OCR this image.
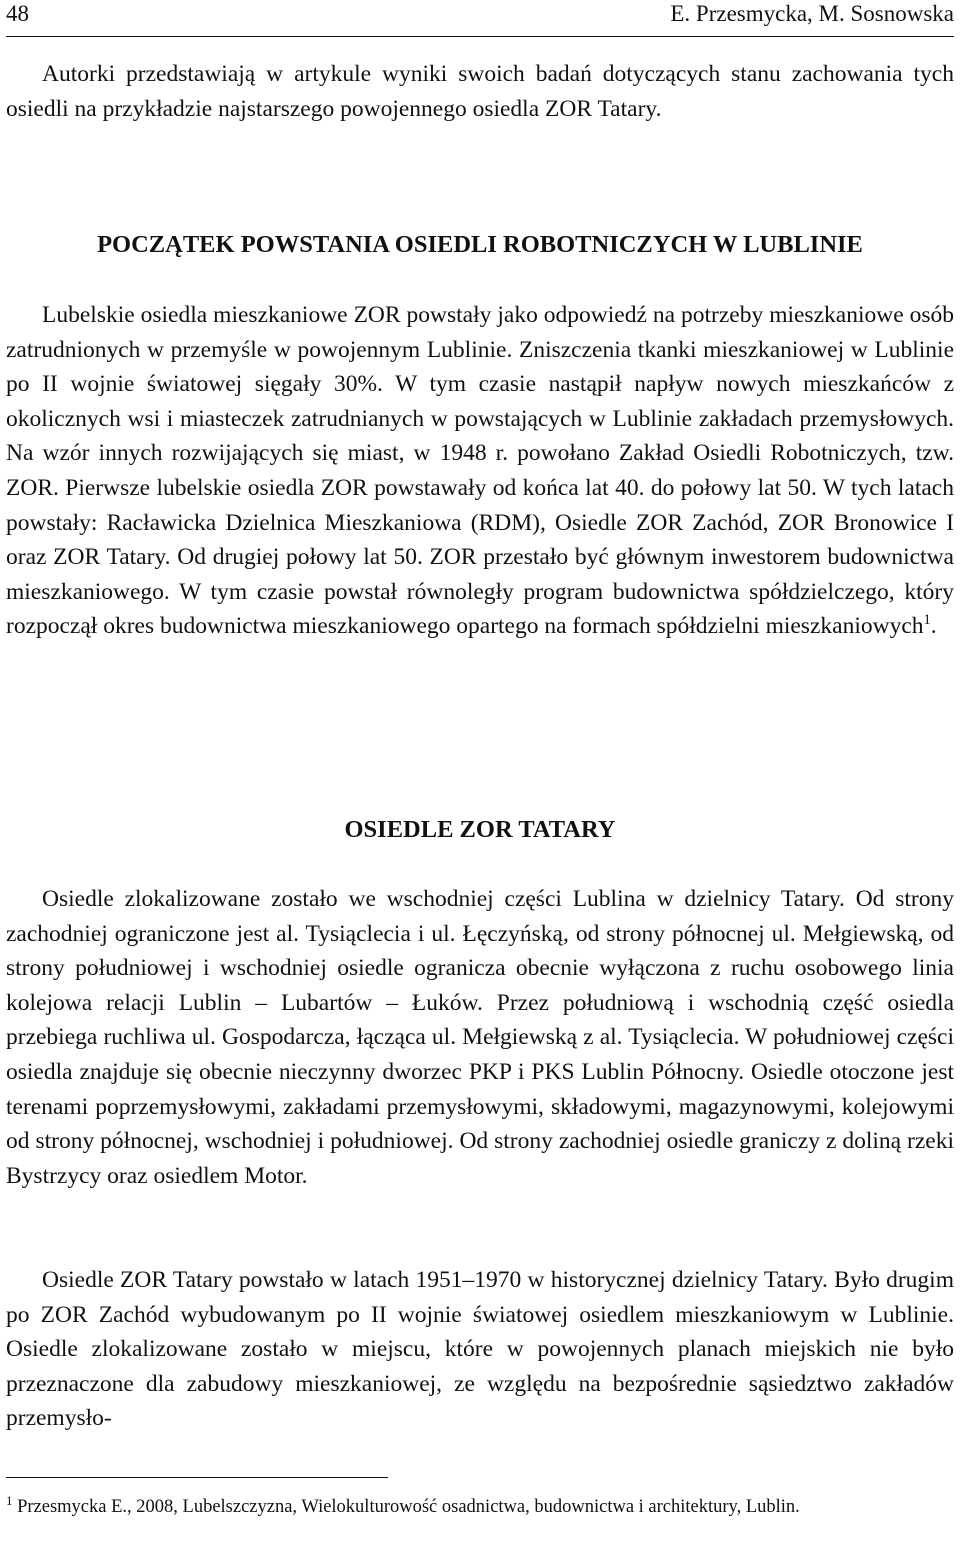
48	E. Przesmycka, M. Sosnowska

Autorki przedstawiają w artykule wyniki swoich badań dotyczących stanu zachowania tych osiedli na przykładzie najstarszego powojennego osiedla ZOR Tatary.

POCZĄTEK POWSTANIA OSIEDLI ROBOTNICZYCH W LUBLINIE

Lubelskie osiedla mieszkaniowe ZOR powstały jako odpowiedź na potrzeby mieszkaniowe osób zatrudnionych w przemyśle w powojennym Lublinie. Zniszczenia tkanki mieszkaniowej w Lublinie po II wojnie światowej sięgały 30%. W tym czasie nastąpił napływ nowych mieszkańców z okolicznych wsi i miasteczek zatrudnianych w powstających w Lublinie zakładach przemysłowych. Na wzór innych rozwijających się miast, w 1948 r. powołano Zakład Osiedli Robotniczych, tzw. ZOR. Pierwsze lubelskie osiedla ZOR powstawały od końca lat 40. do połowy lat 50. W tych latach powstały: Racławicka Dzielnica Mieszkaniowa (RDM), Osiedle ZOR Zachód, ZOR Bronowice I oraz ZOR Tatary. Od drugiej połowy lat 50. ZOR przestało być głównym inwestorem budownictwa mieszkaniowego. W tym czasie powstał równoległy program budownictwa spółdzielczego, który rozpoczął okres budownictwa mieszkaniowego opartego na formach spółdzielni mieszkaniowych$^1$.

OSIEDLE ZOR TATARY

Osiedle zlokalizowane zostało we wschodniej części Lublina w dzielnicy Tatary. Od strony zachodniej ograniczone jest al. Tysiąclecia i ul. Łęczyńską, od strony północnej ul. Mełgiewską, od strony południowej i wschodniej osiedle ogranicza obecnie wyłączona z ruchu osobowego linia kolejowa relacji Lublin – Lubartów – Łuków. Przez południową i wschodnią część osiedla przebiega ruchliwa ul. Gospodarcza, łącząca ul. Mełgiewską z al. Tysiąclecia. W południowej części osiedla znajduje się obecnie nieczynny dworzec PKP i PKS Lublin Północny. Osiedle otoczone jest terenami poprzemysłowymi, zakładami przemysłowymi, składowymi, magazynowymi, kolejowymi od strony północnej, wschodniej i południowej. Od strony zachodniej osiedle graniczy z doliną rzeki Bystrzycy oraz osiedlem Motor.

Osiedle ZOR Tatary powstało w latach 1951–1970 w historycznej dzielnicy Tatary. Było drugim po ZOR Zachód wybudowanym po II wojnie światowej osiedlem mieszkaniowym w Lublinie. Osiedle zlokalizowane zostało w miejscu, które w powojennych planach miejskich nie było przeznaczone dla zabudowy mieszkaniowej, ze względu na bezpośrednie sąsiedztwo zakładów przemysło-

$^1$ Przesmycka E., 2008, Lubelszczyzna, Wielokulturowość osadnictwa, budownictwa i architektury, Lublin.
